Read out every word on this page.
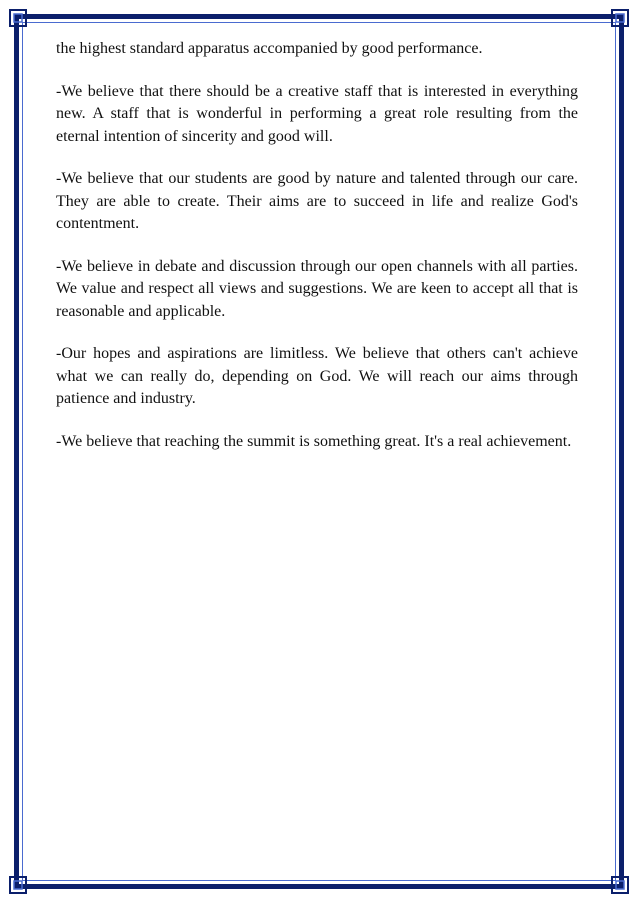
the highest standard apparatus accompanied by good performance.

-We believe that there should be a creative staff that is interested in everything new. A staff that is wonderful in performing a great role resulting from the eternal intention of sincerity and good will.

-We believe that our students are good by nature and talented through our care. They are able to create. Their aims are to succeed in life and realize God's contentment.

-We believe in debate and discussion through our open channels with all parties. We value and respect all views and suggestions. We are keen to accept all that is reasonable and applicable.

-Our hopes and aspirations are limitless. We believe that others can't achieve what we can really do, depending on God. We will reach our aims through patience and industry.

-We believe that reaching the summit is something great. It's a real achievement.
